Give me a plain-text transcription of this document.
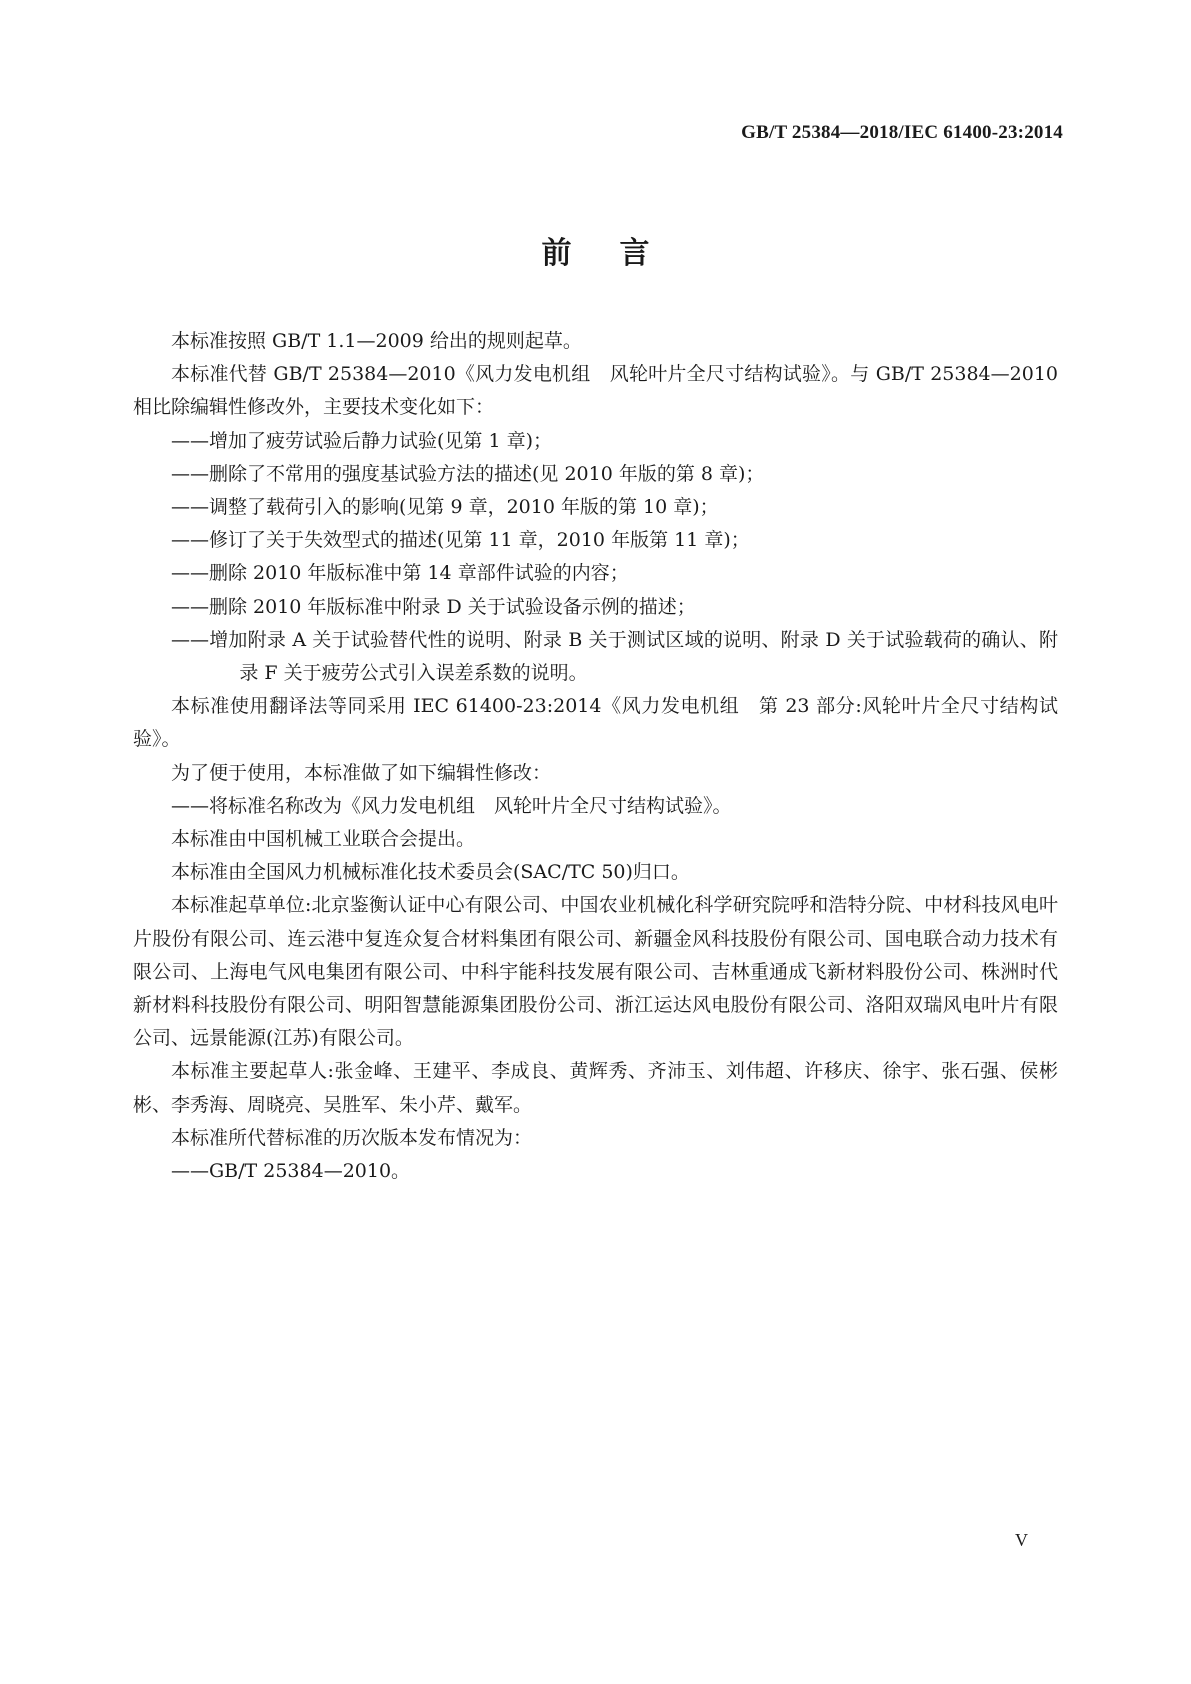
GB/T 25384—2018/IEC 61400-23:2014
前言

本标准按照 GB/T 1.1—2009 给出的规则起草。

本标准代替 GB/T 25384—2010《风力发电机组　风轮叶片全尺寸结构试验》。与 GB/T 25384—2010 相比除编辑性修改外，主要技术变化如下：

——增加了疲劳试验后静力试验(见第 1 章)；

——删除了不常用的强度基试验方法的描述(见 2010 年版的第 8 章)；

——调整了载荷引入的影响(见第 9 章，2010 年版的第 10 章)；

——修订了关于失效型式的描述(见第 11 章，2010 年版第 11 章)；

——删除 2010 年版标准中第 14 章部件试验的内容；

——删除 2010 年版标准中附录 D 关于试验设备示例的描述；

——增加附录 A 关于试验替代性的说明、附录 B 关于测试区域的说明、附录 D 关于试验载荷的确认、附录 F 关于疲劳公式引入误差系数的说明。

本标准使用翻译法等同采用 IEC 61400-23:2014《风力发电机组　第 23 部分:风轮叶片全尺寸结构试验》。

为了便于使用，本标准做了如下编辑性修改：

——将标准名称改为《风力发电机组　风轮叶片全尺寸结构试验》。

本标准由中国机械工业联合会提出。

本标准由全国风力机械标准化技术委员会(SAC/TC 50)归口。

本标准起草单位:北京鉴衡认证中心有限公司、中国农业机械化科学研究院呼和浩特分院、中材科技风电叶片股份有限公司、连云港中复连众复合材料集团有限公司、新疆金风科技股份有限公司、国电联合动力技术有限公司、上海电气风电集团有限公司、中科宇能科技发展有限公司、吉林重通成飞新材料股份公司、株洲时代新材料科技股份有限公司、明阳智慧能源集团股份公司、浙江运达风电股份有限公司、洛阳双瑞风电叶片有限公司、远景能源(江苏)有限公司。

本标准主要起草人:张金峰、王建平、李成良、黄辉秀、齐沛玉、刘伟超、许移庆、徐宇、张石强、侯彬彬、李秀海、周晓亮、吴胜军、朱小芹、戴军。

本标准所代替标准的历次版本发布情况为：

——GB/T 25384—2010。

V
